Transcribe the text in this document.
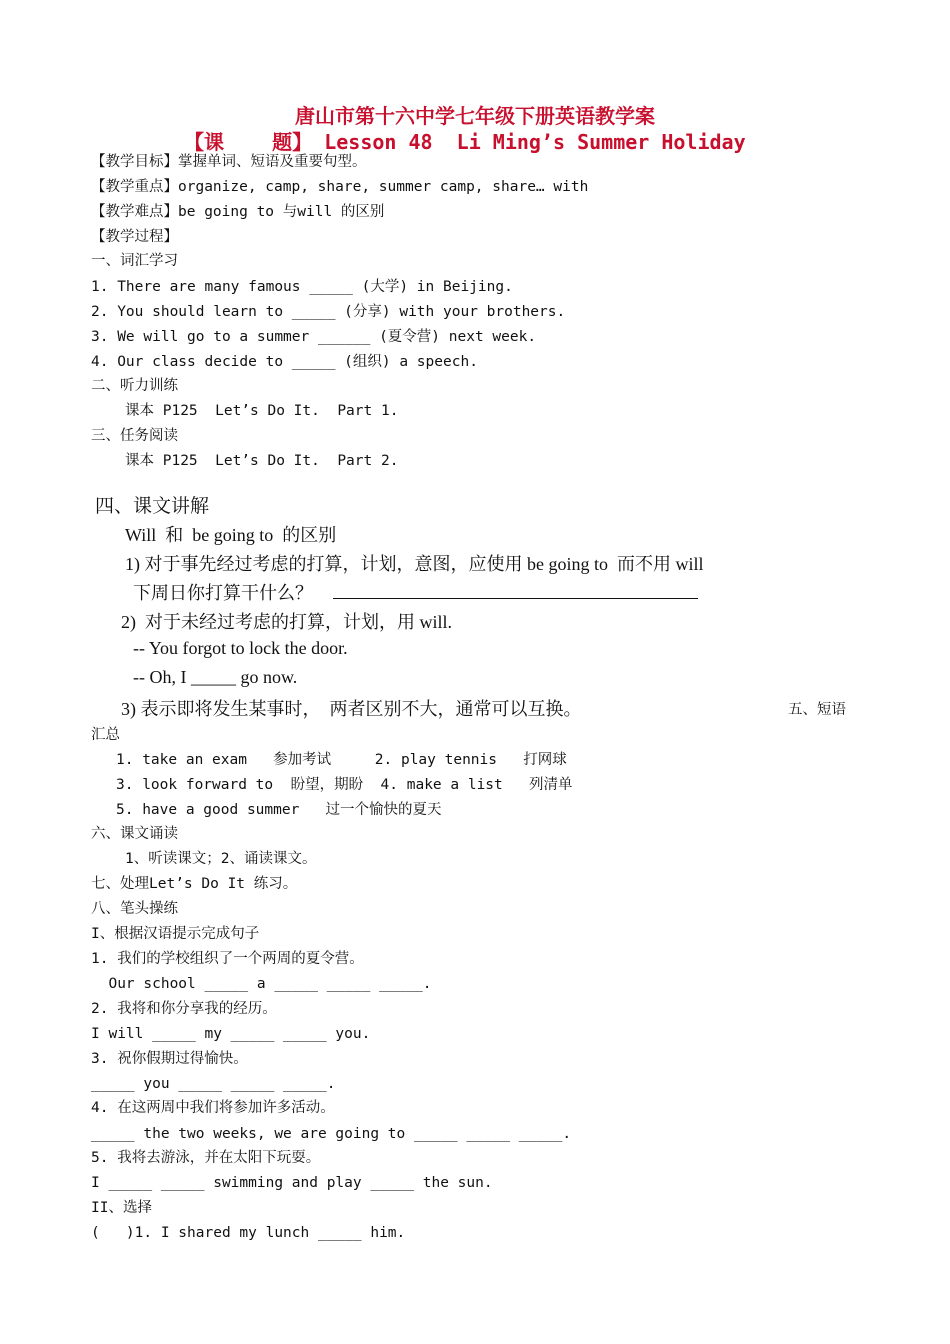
唐山市第十六中学七年级下册英语教学案
【课    题】 Lesson 48  Li Ming’s Summer Holiday
【教学目标】掌握单词、短语及重要句型。
【教学重点】organize, camp, share, summer camp, share… with
【教学难点】be going to 与will 的区别
【教学过程】
一、词汇学习
1. There are many famous _____ (大学) in Beijing.
2. You should learn to _____ (分享) with your brothers.
3. We will go to a summer ______ (夏令营) next week.
4. Our class decide to _____ (组织) a speech.
二、听力训练
课本 P125  Let’s Do It.  Part 1.
三、任务阅读
课本 P125  Let’s Do It.  Part 2.
四、课文讲解
Will  和  be going to  的区别
1) 对于事先经过考虑的打算，计划，意图，应使用 be going to  而不用 will
下周日你打算干什么？
2)  对于未经过考虑的打算，计划，用 will.
-- You forgot to lock the door.
-- Oh, I _____ go now.
3) 表示即将发生某事时，  两者区别不大，通常可以互换。	五、短语
汇总
1. take an exam   参加考试     2. play tennis   打网球
3. look forward to  盼望，期盼  4. make a list   列清单
5. have a good summer   过一个愉快的夏天
六、课文诵读
1、听读课文；2、诵读课文。
七、处理Let’s Do It 练习。
八、笔头操练
I、根据汉语提示完成句子
1. 我们的学校组织了一个两周的夏令营。
Our school _____ a _____ _____ _____.
2. 我将和你分享我的经历。
I will _____ my _____ _____ you.
3. 祝你假期过得愉快。
_____ you _____ _____ _____.
4. 在这两周中我们将参加许多活动。
_____ the two weeks, we are going to _____ _____ _____.
5. 我将去游泳，并在太阳下玩耍。
I _____ _____ swimming and play _____ the sun.
II、选择
(   )1. I shared my lunch _____ him.
